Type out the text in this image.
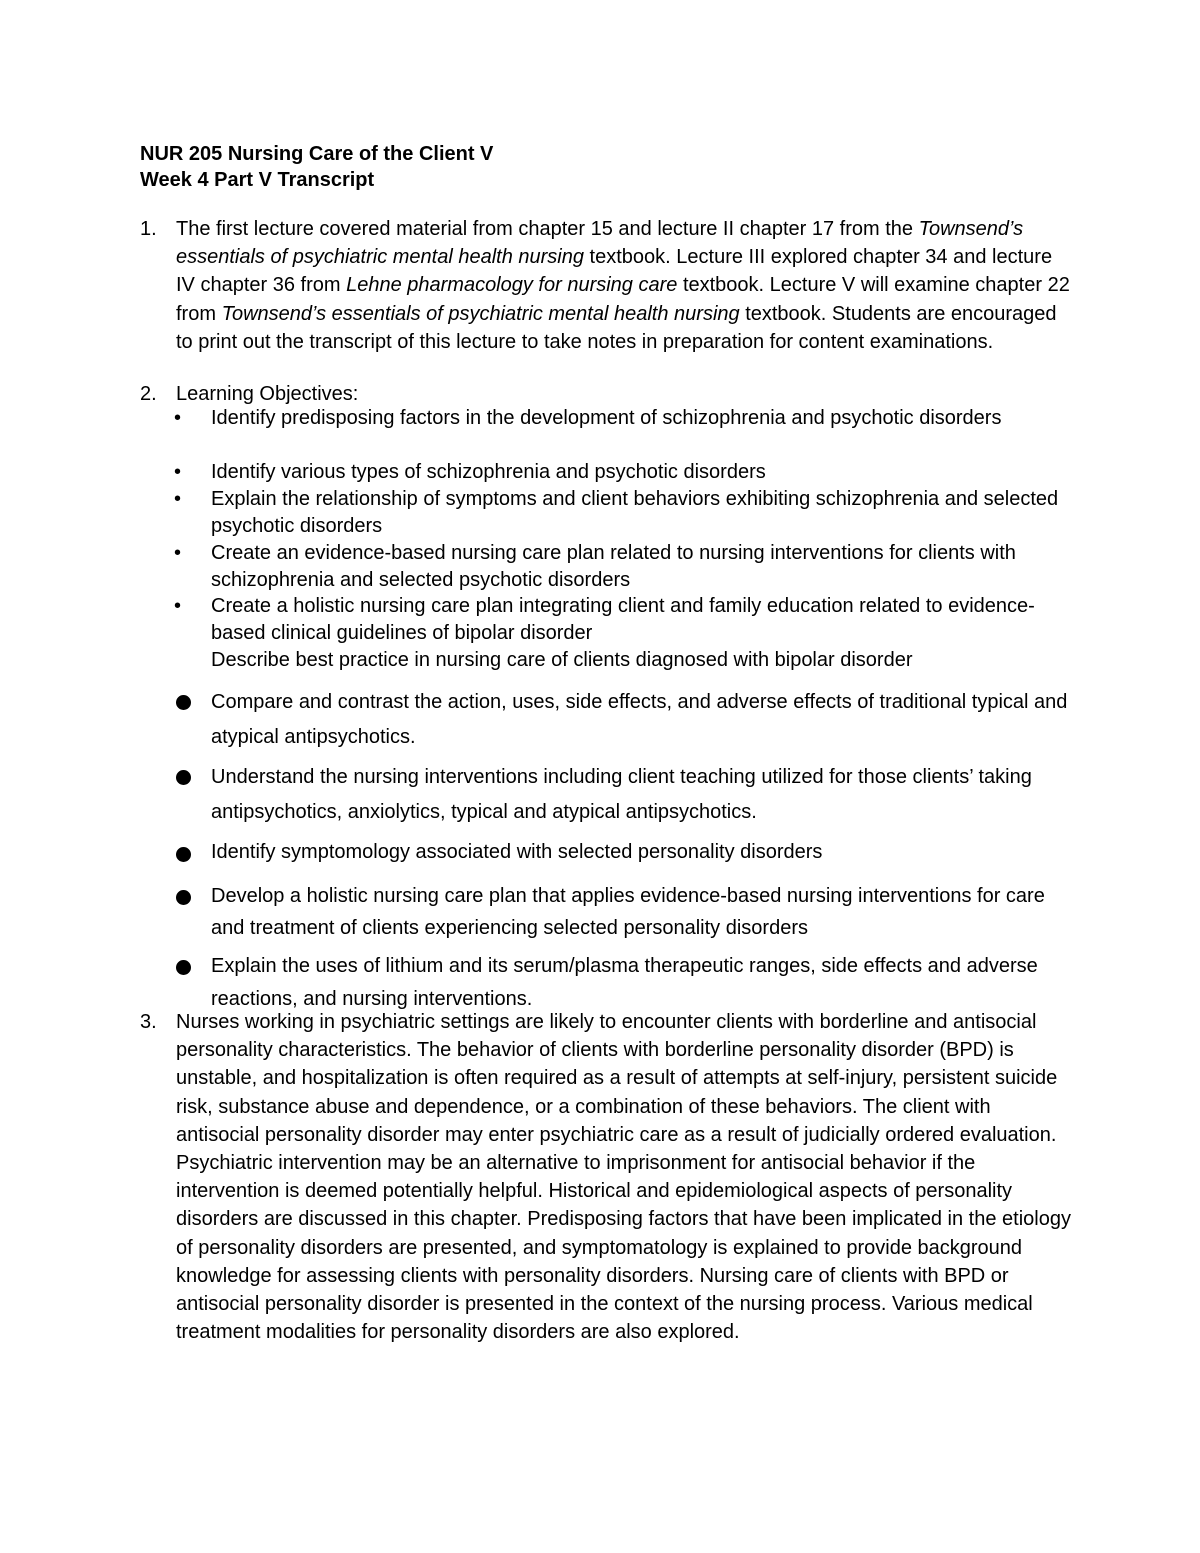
NUR 205 Nursing Care of the Client V
Week 4 Part V Transcript
1. The first lecture covered material from chapter 15 and lecture II chapter 17 from the Townsend’s essentials of psychiatric mental health nursing textbook. Lecture III explored chapter 34 and lecture IV chapter 36 from Lehne pharmacology for nursing care textbook. Lecture V will examine chapter 22 from Townsend’s essentials of psychiatric mental health nursing textbook. Students are encouraged to print out the transcript of this lecture to take notes in preparation for content examinations.
2. Learning Objectives:
•	Identify predisposing factors in the development of schizophrenia and psychotic disorders
•	Identify various types of schizophrenia and psychotic disorders
•	Explain the relationship of symptoms and client behaviors exhibiting schizophrenia and selected psychotic disorders
•	Create an evidence-based nursing care plan related to nursing interventions for clients with schizophrenia and selected psychotic disorders
•	Create a holistic nursing care plan integrating client and family education related to evidence-based clinical guidelines of bipolar disorder
Describe best practice in nursing care of clients diagnosed with bipolar disorder
Compare and contrast the action, uses, side effects, and adverse effects of traditional typical and atypical antipsychotics.
Understand the nursing interventions including client teaching utilized for those clients’ taking antipsychotics, anxiolytics, typical and atypical antipsychotics.
Identify symptomology associated with selected personality disorders
Develop a holistic nursing care plan that applies evidence-based nursing interventions for care and treatment of clients experiencing selected personality disorders
Explain the uses of lithium and its serum/plasma therapeutic ranges, side effects and adverse reactions, and nursing interventions.
3. Nurses working in psychiatric settings are likely to encounter clients with borderline and antisocial personality characteristics. The behavior of clients with borderline personality disorder (BPD) is unstable, and hospitalization is often required as a result of attempts at self-injury, persistent suicide risk, substance abuse and dependence, or a combination of these behaviors. The client with antisocial personality disorder may enter psychiatric care as a result of judicially ordered evaluation. Psychiatric intervention may be an alternative to imprisonment for antisocial behavior if the intervention is deemed potentially helpful. Historical and epidemiological aspects of personality disorders are discussed in this chapter. Predisposing factors that have been implicated in the etiology of personality disorders are presented, and symptomatology is explained to provide background knowledge for assessing clients with personality disorders. Nursing care of clients with BPD or antisocial personality disorder is presented in the context of the nursing process. Various medical treatment modalities for personality disorders are also explored.
